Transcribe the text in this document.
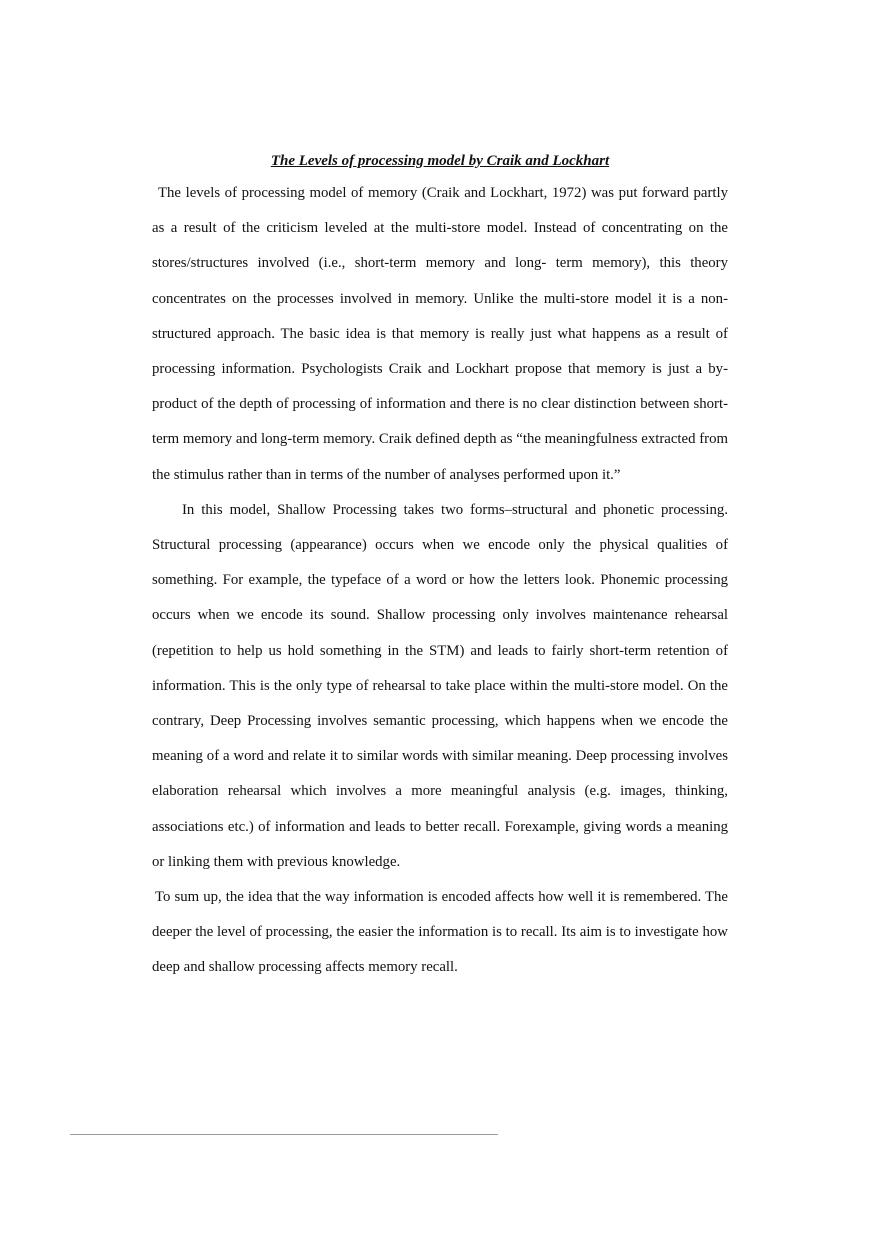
The Levels of processing model by Craik and Lockhart

The levels of processing model of memory (Craik and Lockhart, 1972) was put forward partly as a result of the criticism leveled at the multi-store model. Instead of concentrating on the stores/structures involved (i.e., short-term memory and long- term memory), this theory concentrates on the processes involved in memory. Unlike the multi-store model it is a non-structured approach. The basic idea is that memory is really just what happens as a result of processing information. Psychologists Craik and Lockhart propose that memory is just a by-product of the depth of processing of information and there is no clear distinction between short-term memory and long-term memory. Craik defined depth as “the meaningfulness extracted from the stimulus rather than in terms of the number of analyses performed upon it.”

In this model, Shallow Processing takes two forms–structural and phonetic processing. Structural processing (appearance) occurs when we encode only the physical qualities of something. For example, the typeface of a word or how the letters look. Phonemic processing occurs when we encode its sound. Shallow processing only involves maintenance rehearsal (repetition to help us hold something in the STM) and leads to fairly short-term retention of information. This is the only type of rehearsal to take place within the multi-store model. On the contrary, Deep Processing involves semantic processing, which happens when we encode the meaning of a word and relate it to similar words with similar meaning. Deep processing involves elaboration rehearsal which involves a more meaningful analysis (e.g. images, thinking, associations etc.) of information and leads to better recall. Forexample, giving words a meaning or linking them with previous knowledge.

To sum up, the idea that the way information is encoded affects how well it is remembered. The deeper the level of processing, the easier the information is to recall. Its aim is to investigate how deep and shallow processing affects memory recall.
